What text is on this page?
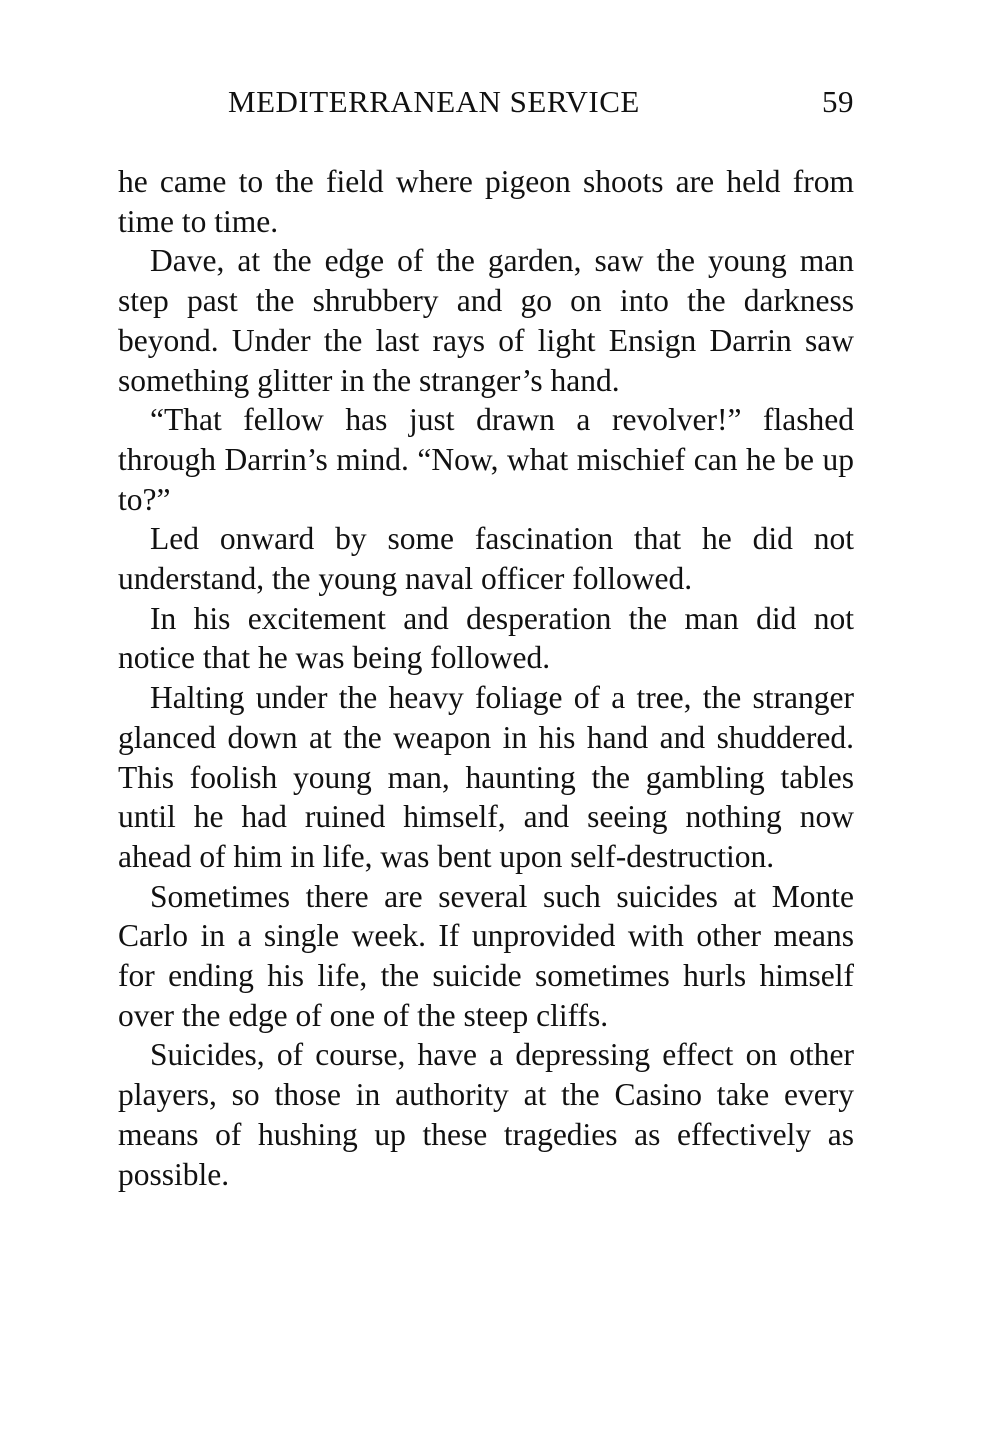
MEDITERRANEAN SERVICE	59

he came to the field where pigeon shoots are held from time to time.

Dave, at the edge of the garden, saw the young man step past the shrubbery and go on into the darkness beyond. Under the last rays of light Ensign Darrin saw something glitter in the stranger’s hand.

“That fellow has just drawn a revolver!” flashed through Darrin’s mind. “Now, what mischief can he be up to?”

Led onward by some fascination that he did not understand, the young naval officer followed.

In his excitement and desperation the man did not notice that he was being followed.

Halting under the heavy foliage of a tree, the stranger glanced down at the weapon in his hand and shuddered. This foolish young man, haunting the gambling tables until he had ruined himself, and seeing nothing now ahead of him in life, was bent upon self-destruction.

Sometimes there are several such suicides at Monte Carlo in a single week. If unprovided with other means for ending his life, the suicide sometimes hurls himself over the edge of one of the steep cliffs.

Suicides, of course, have a depressing effect on other players, so those in authority at the Casino take every means of hushing up these tragedies as effectively as possible.
